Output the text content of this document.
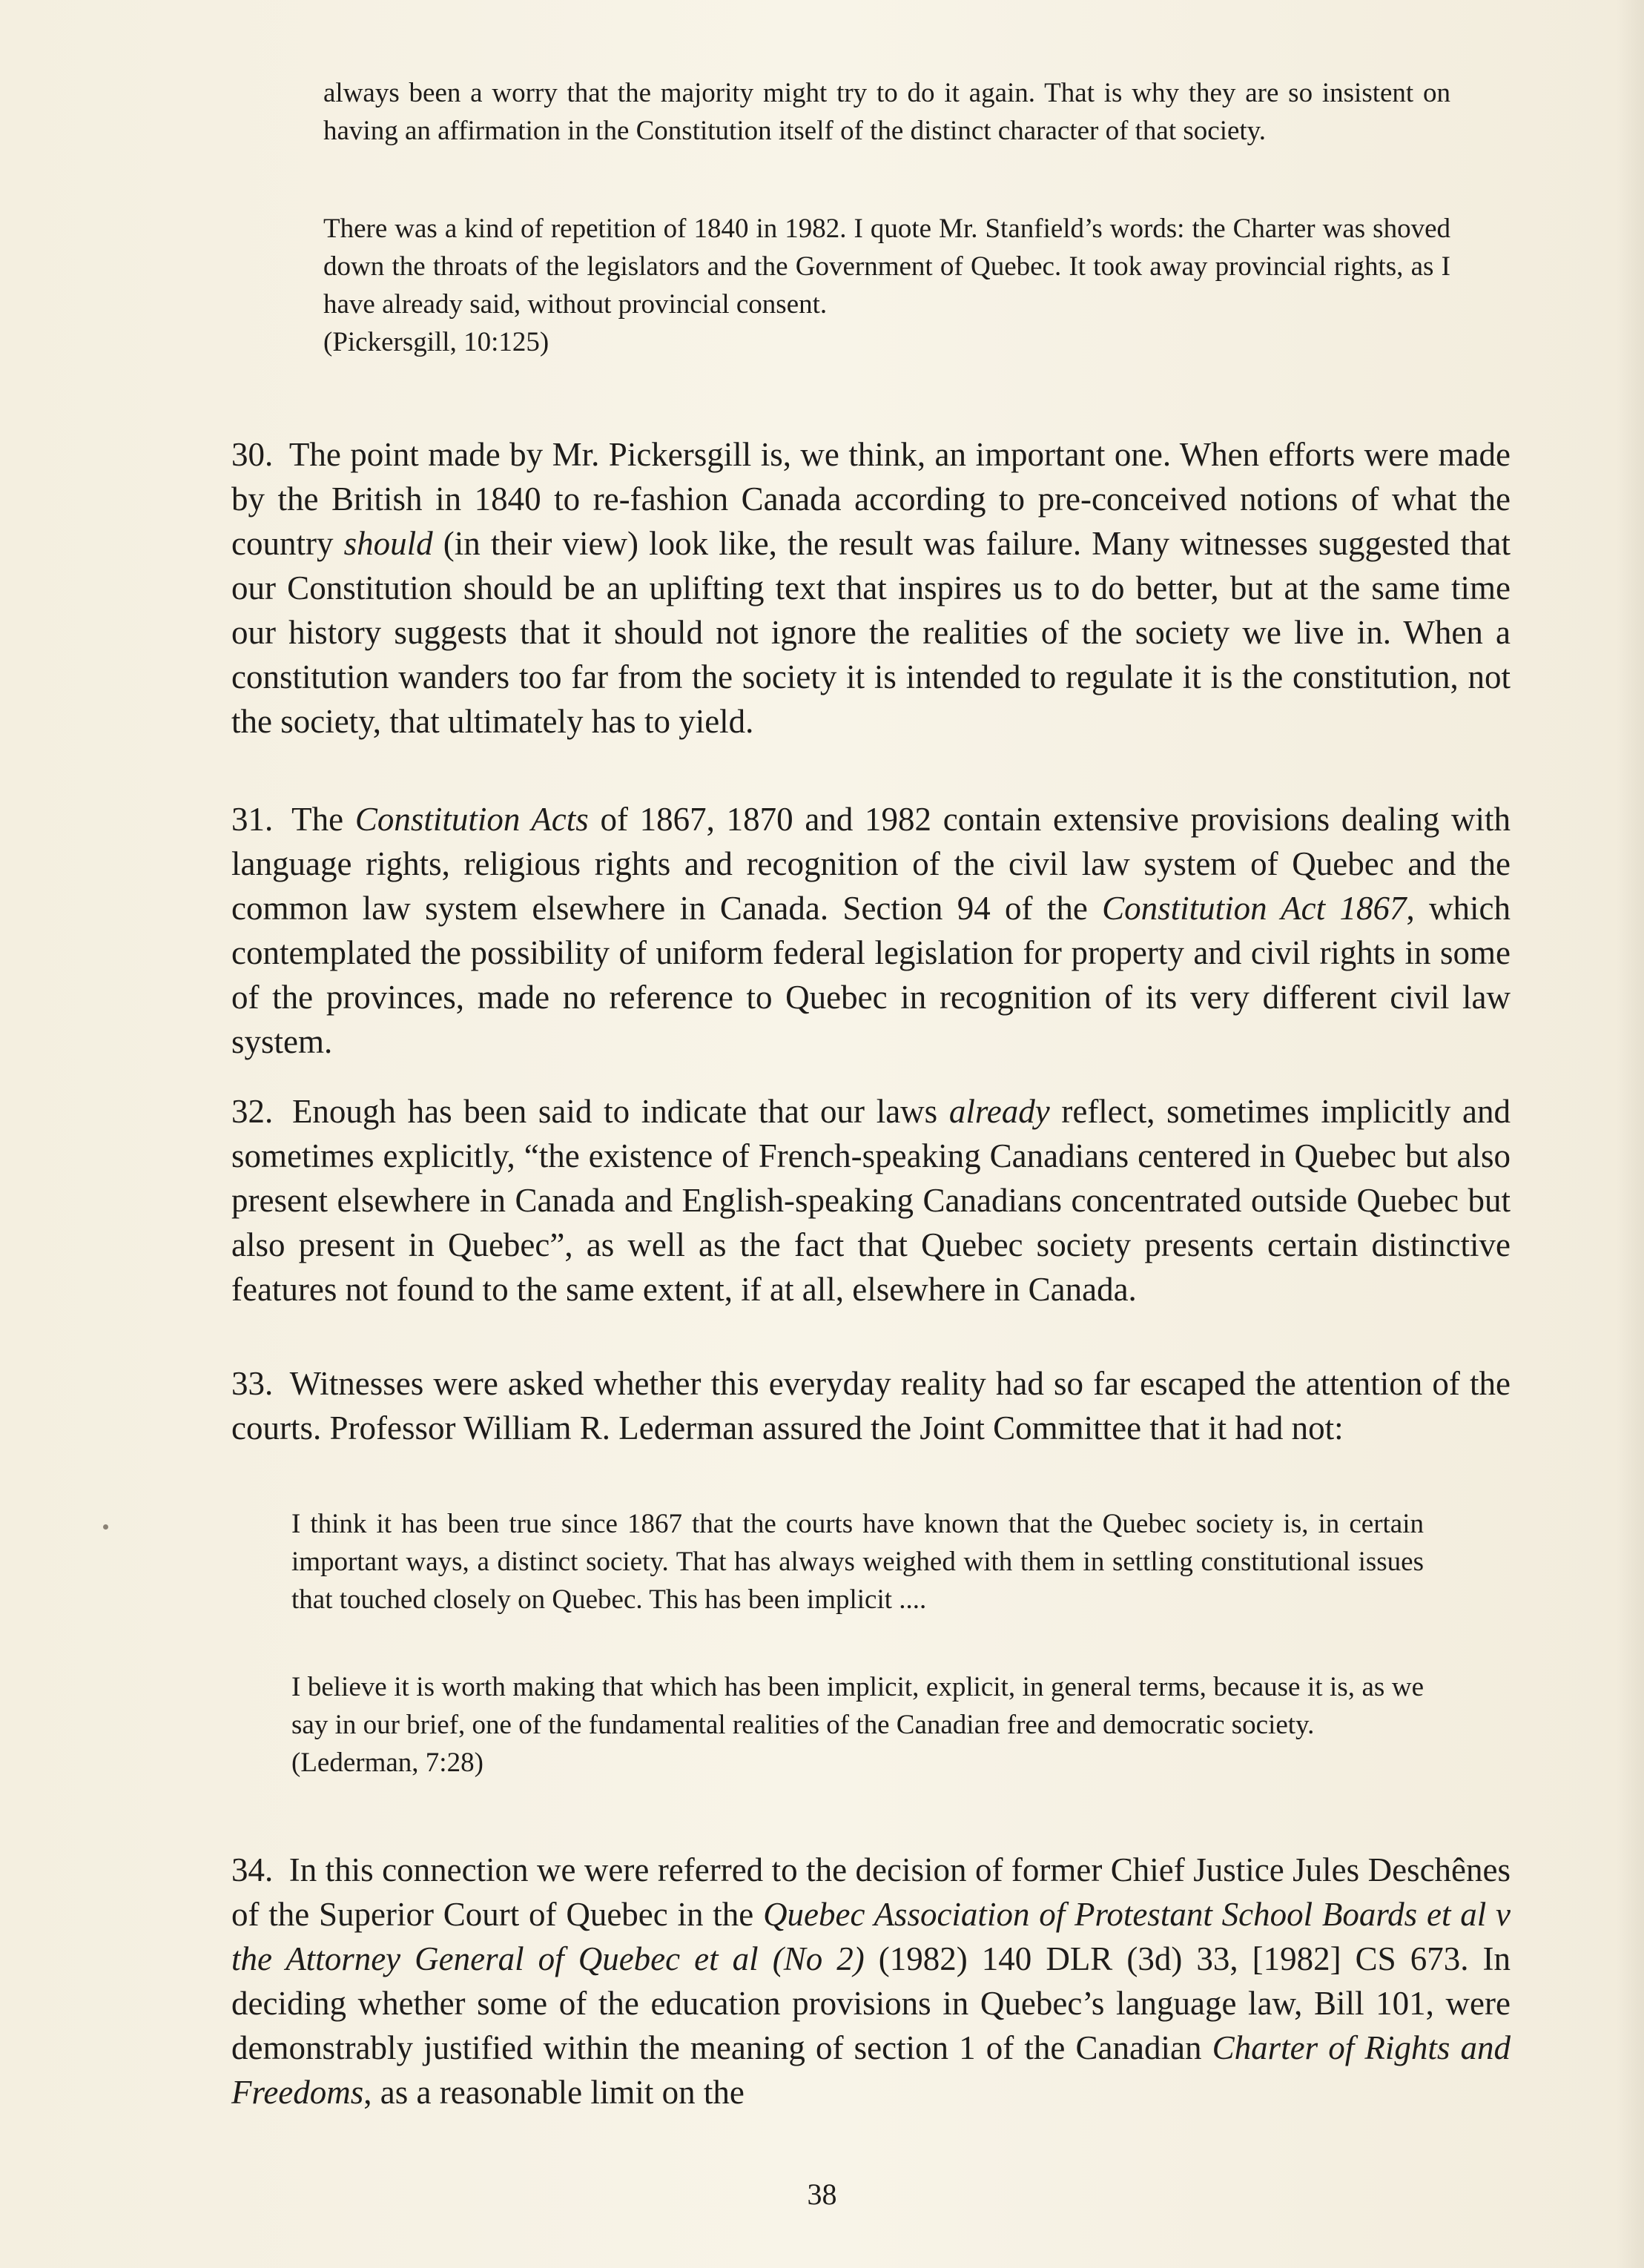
always been a worry that the majority might try to do it again. That is why they are so insistent on having an affirmation in the Constitution itself of the distinct character of that society.
There was a kind of repetition of 1840 in 1982. I quote Mr. Stanfield’s words: the Charter was shoved down the throats of the legislators and the Government of Quebec. It took away provincial rights, as I have already said, without provincial consent.
(Pickersgill, 10:125)
30. The point made by Mr. Pickersgill is, we think, an important one. When efforts were made by the British in 1840 to re-fashion Canada according to pre-conceived notions of what the country should (in their view) look like, the result was failure. Many witnesses suggested that our Constitution should be an uplifting text that inspires us to do better, but at the same time our history suggests that it should not ignore the realities of the society we live in. When a constitution wanders too far from the society it is intended to regulate it is the constitution, not the society, that ultimately has to yield.
31. The Constitution Acts of 1867, 1870 and 1982 contain extensive provisions dealing with language rights, religious rights and recognition of the civil law system of Quebec and the common law system elsewhere in Canada. Section 94 of the Constitution Act 1867, which contemplated the possibility of uniform federal legislation for property and civil rights in some of the provinces, made no reference to Quebec in recognition of its very different civil law system.
32. Enough has been said to indicate that our laws already reflect, sometimes implicitly and sometimes explicitly, “the existence of French-speaking Canadians centered in Quebec but also present elsewhere in Canada and English-speaking Canadians concentrated outside Quebec but also present in Quebec”, as well as the fact that Quebec society presents certain distinctive features not found to the same extent, if at all, elsewhere in Canada.
33. Witnesses were asked whether this everyday reality had so far escaped the attention of the courts. Professor William R. Lederman assured the Joint Committee that it had not:
I think it has been true since 1867 that the courts have known that the Quebec society is, in certain important ways, a distinct society. That has always weighed with them in settling constitutional issues that touched closely on Quebec. This has been implicit ....
I believe it is worth making that which has been implicit, explicit, in general terms, because it is, as we say in our brief, one of the fundamental realities of the Canadian free and democratic society.
(Lederman, 7:28)
34. In this connection we were referred to the decision of former Chief Justice Jules Deschênes of the Superior Court of Quebec in the Quebec Association of Protestant School Boards et al v the Attorney General of Quebec et al (No 2) (1982) 140 DLR (3d) 33, [1982] CS 673. In deciding whether some of the education provisions in Quebec’s language law, Bill 101, were demonstrably justified within the meaning of section 1 of the Canadian Charter of Rights and Freedoms, as a reasonable limit on the
38
